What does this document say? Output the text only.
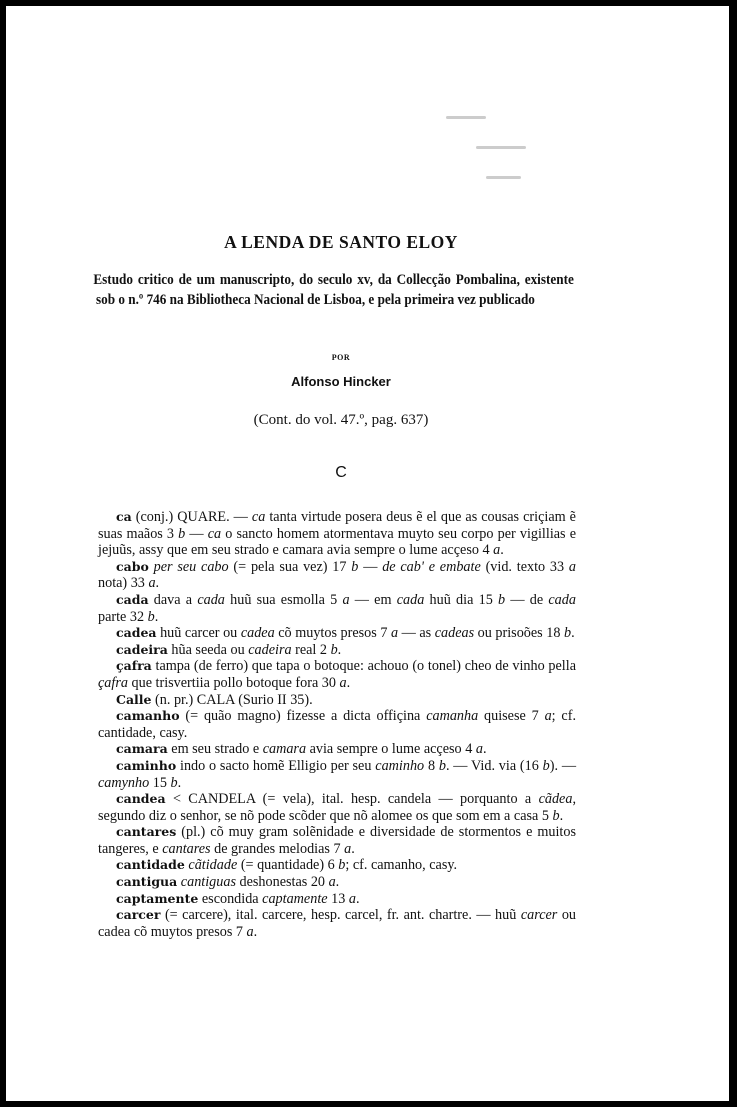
A LENDA DE SANTO ELOY
Estudo critico de um manuscripto, do seculo xv, da Collecção Pombalina, existente sob o n.º 746 na Bibliotheca Nacional de Lisboa, e pela primeira vez publicado
POR
Alfonso Hincker
(Cont. do vol. 47.º, pag. 637)
C

ca (conj.) QUARE. — ca tanta virtude posera deus ẽ el que as cousas criçiam ẽ suas maãos 3 b — ca o sancto homem atormentava muyto seu corpo per vigillias e jejuũs, assy que em seu strado e camara avia sempre o lume acçeso 4 a.

cabo per seu cabo (= pela sua vez) 17 b — de cab' e embate (vid. texto 33 a nota) 33 a.

cada dava a cada huũ sua esmolla 5 a — em cada huũ dia 15 b — de cada parte 32 b.

cadea huũ carcer ou cadea cõ muytos presos 7 a — as cadeas ou prisoões 18 b.

cadeira hũa seeda ou cadeira real 2 b.

çafra tampa (de ferro) que tapa o botoque: achouo (o tonel) cheo de vinho pella çafra que trisvertiia pollo botoque fora 30 a.

Calle (n. pr.) CALA (Surio II 35).

camanho (= quão magno) fizesse a dicta offiçina camanha quisese 7 a; cf. cantidade, casy.

camara em seu strado e camara avia sempre o lume acçeso 4 a.

caminho indo o sacto homẽ Elligio per seu caminho 8 b. — Vid. via (16 b). — camynho 15 b.

candea < CANDELA (= vela), ital. hesp. candela — porquanto a cãdea, segundo diz o senhor, se nõ pode scõder que nõ alomee os que som em a casa 5 b.

cantares (pl.) cõ muy gram solẽnidade e diversidade de stormentos e muitos tangeres, e cantares de grandes melodias 7 a.

cantidade cãtidade (= quantidade) 6 b; cf. camanho, casy.

cantigua cantiguas deshonestas 20 a.

captamente escondida captamente 13 a.

carcer (= carcere), ital. carcere, hesp. carcel, fr. ant. chartre. — huũ carcer ou cadea cõ muytos presos 7 a.
